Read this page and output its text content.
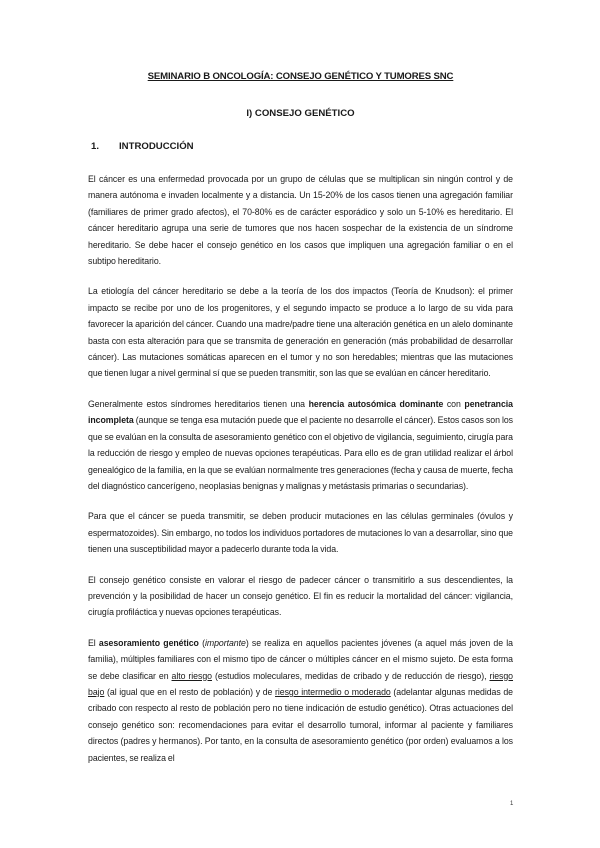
SEMINARIO B ONCOLOGÍA: CONSEJO GENÉTICO Y TUMORES SNC
I) CONSEJO GENÉTICO
1.	INTRODUCCIÓN

El cáncer es una enfermedad provocada por un grupo de células que se multiplican sin ningún control y de manera autónoma e invaden localmente y a distancia. Un 15-20% de los casos tienen una agregación familiar (familiares de primer grado afectos), el 70-80% es de carácter esporádico y solo un 5-10% es hereditario. El cáncer hereditario agrupa una serie de tumores que nos hacen sospechar de la existencia de un síndrome hereditario. Se debe hacer el consejo genético en los casos que impliquen una agregación familiar o en el subtipo hereditario.

La etiología del cáncer hereditario se debe a la teoría de los dos impactos (Teoría de Knudson): el primer impacto se recibe por uno de los progenitores, y el segundo impacto se produce a lo largo de su vida para favorecer la aparición del cáncer. Cuando una madre/padre tiene una alteración genética en un alelo dominante basta con esta alteración para que se transmita de generación en generación (más probabilidad de desarrollar cáncer). Las mutaciones somáticas aparecen en el tumor y no son heredables; mientras que las mutaciones que tienen lugar a nivel germinal sí que se pueden transmitir, son las que se evalúan en cáncer hereditario.

Generalmente estos síndromes hereditarios tienen una herencia autosómica dominante con penetrancia incompleta (aunque se tenga esa mutación puede que el paciente no desarrolle el cáncer). Estos casos son los que se evalúan en la consulta de asesoramiento genético con el objetivo de vigilancia, seguimiento, cirugía para la reducción de riesgo y empleo de nuevas opciones terapéuticas. Para ello es de gran utilidad realizar el árbol genealógico de la familia, en la que se evalúan normalmente tres generaciones (fecha y causa de muerte, fecha del diagnóstico cancerígeno, neoplasias benignas y malignas y metástasis primarias o secundarias).

Para que el cáncer se pueda transmitir, se deben producir mutaciones en las células germinales (óvulos y espermatozoides). Sin embargo, no todos los individuos portadores de mutaciones lo van a desarrollar, sino que tienen una susceptibilidad mayor a padecerlo durante toda la vida.

El consejo genético consiste en valorar el riesgo de padecer cáncer o transmitirlo a sus descendientes, la prevención y la posibilidad de hacer un consejo genético. El fin es reducir la mortalidad del cáncer: vigilancia, cirugía profiláctica y nuevas opciones terapéuticas.

El asesoramiento genético (importante) se realiza en aquellos pacientes jóvenes (a aquel más joven de la familia), múltiples familiares con el mismo tipo de cáncer o múltiples cáncer en el mismo sujeto. De esta forma se debe clasificar en alto riesgo (estudios moleculares, medidas de cribado y de reducción de riesgo), riesgo bajo (al igual que en el resto de población) y de riesgo intermedio o moderado (adelantar algunas medidas de cribado con respecto al resto de población pero no tiene indicación de estudio genético). Otras actuaciones del consejo genético son: recomendaciones para evitar el desarrollo tumoral, informar al paciente y familiares directos (padres y hermanos). Por tanto, en la consulta de asesoramiento genético (por orden) evaluamos a los pacientes, se realiza el

1
